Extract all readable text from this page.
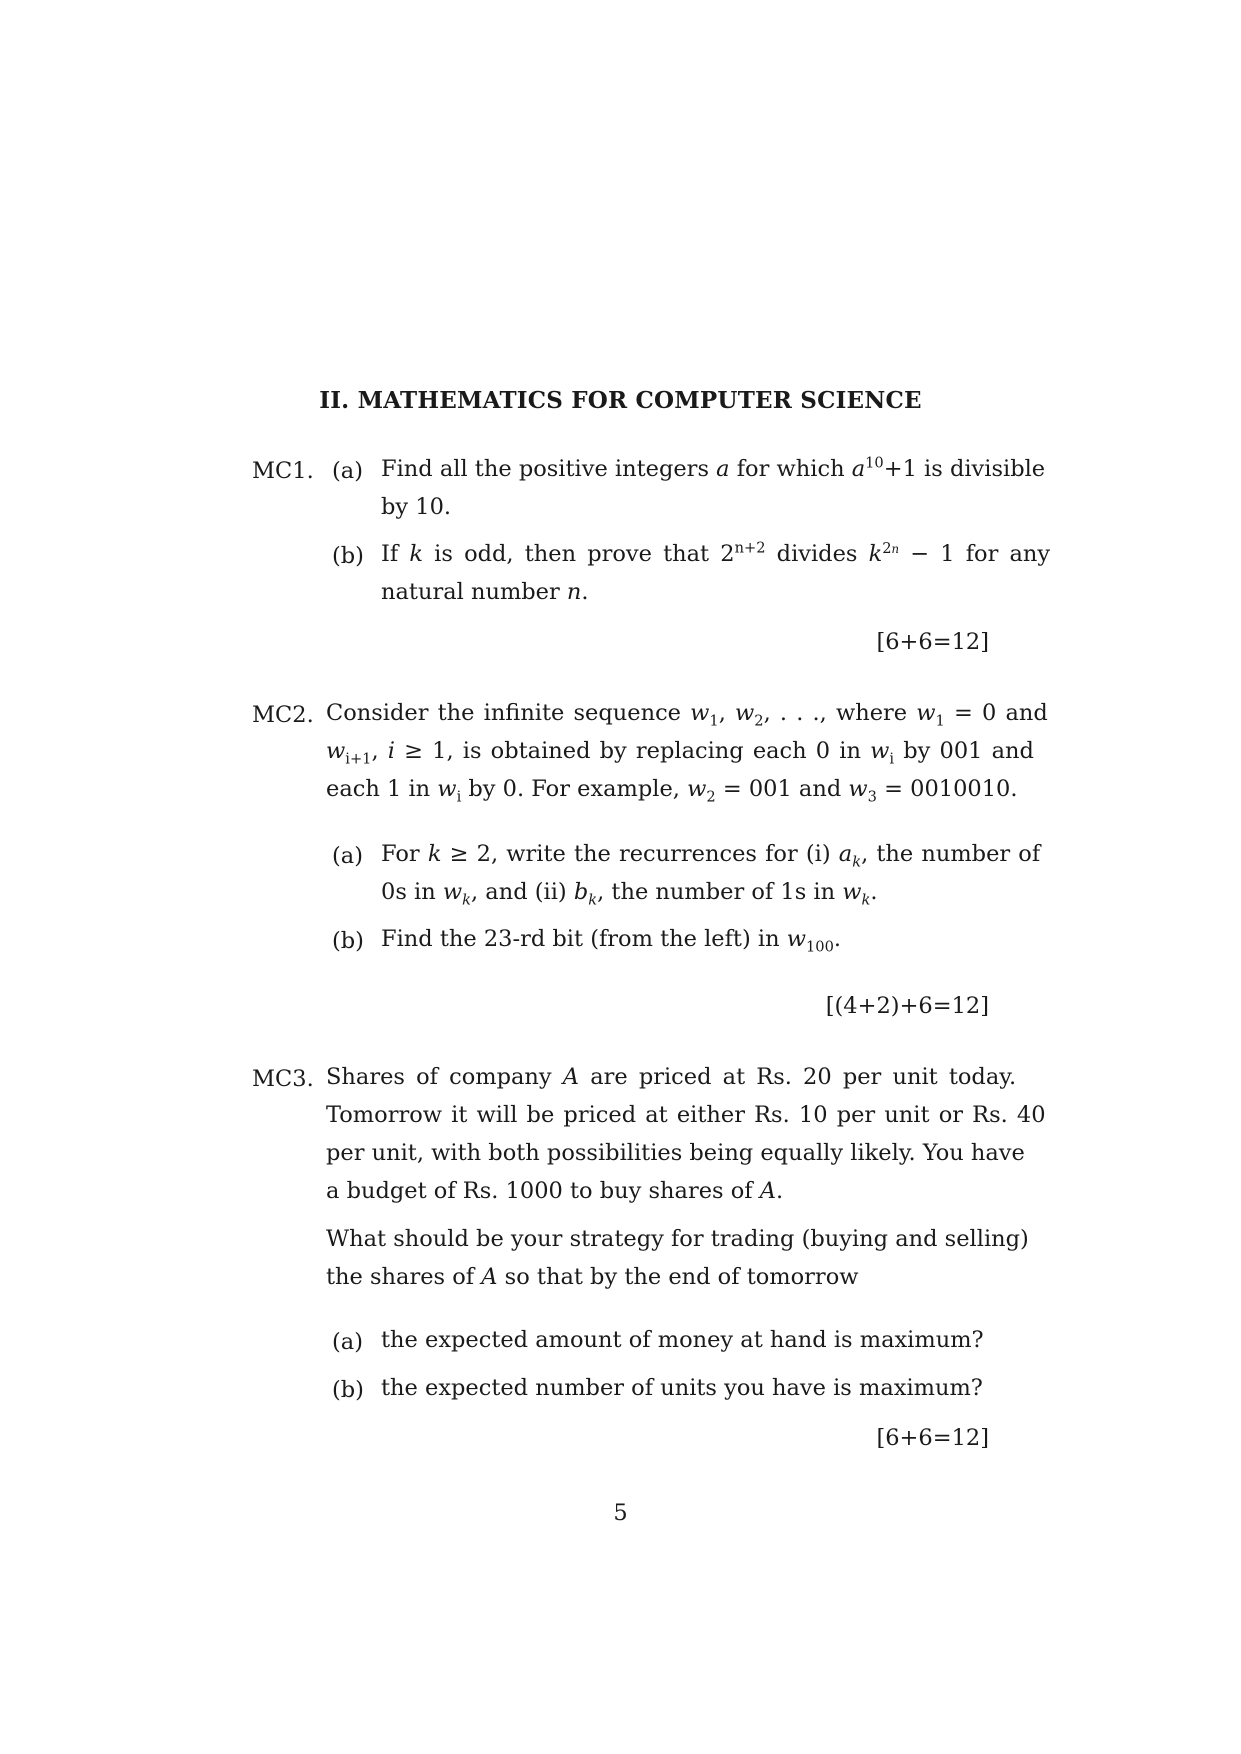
II. MATHEMATICS FOR COMPUTER SCIENCE
MC1. (a) Find all the positive integers a for which $a^{10}+1$ is divisible
by 10.
(b) If k is odd, then prove that $2^{n+2}$ divides $k^{2n} - 1$ for any
natural number n.
[6+6=12]
MC2. Consider the infinite sequence $w_1$, $w_2$, . . ., where $w_1 = 0$ and
$w_{i+1}$, i ≥ 1, is obtained by replacing each 0 in $w_i$ by 001 and
each 1 in $w_i$ by 0. For example, $w_2 = 001$ and $w_3 = 0010010$.
(a) For k ≥ 2, write the recurrences for (i) $a_k$, the number of
0s in $w_k$, and (ii) $b_k$, the number of 1s in $w_k$.
(b) Find the 23-rd bit (from the left) in $w_{100}$.
[(4+2)+6=12]
MC3. Shares of company A are priced at Rs. 20 per unit today.
Tomorrow it will be priced at either Rs. 10 per unit or Rs. 40
per unit, with both possibilities being equally likely. You have
a budget of Rs. 1000 to buy shares of A.
What should be your strategy for trading (buying and selling)
the shares of A so that by the end of tomorrow
(a) the expected amount of money at hand is maximum?
(b) the expected number of units you have is maximum?
[6+6=12]
5
